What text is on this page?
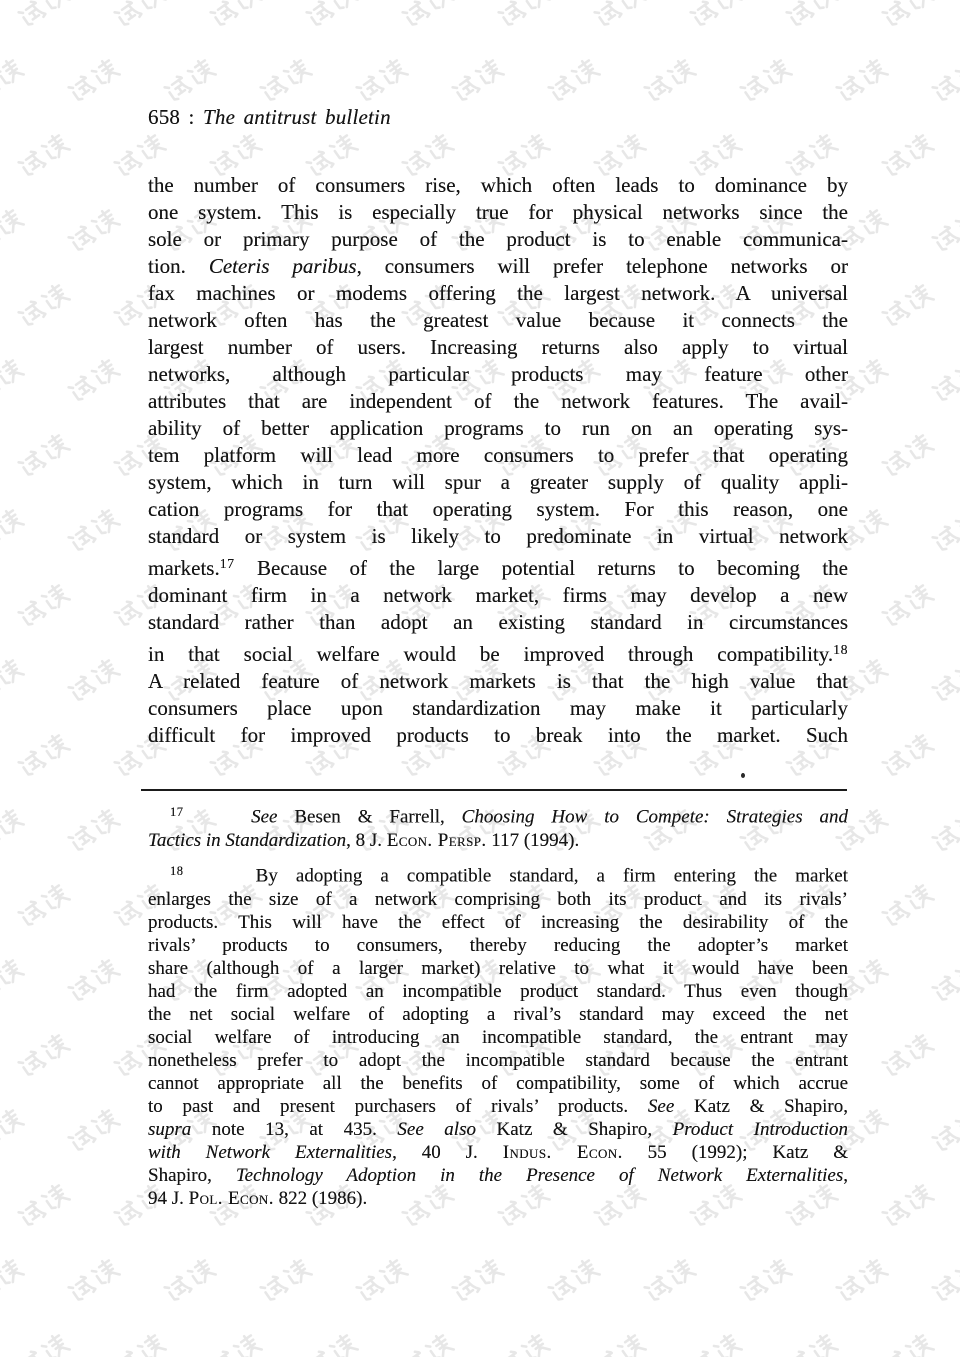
658 : The antitrust bulletin
the number of consumers rise, which often leads to dominance by
one system. This is especially true for physical networks since the
sole or primary purpose of the product is to enable communica-
tion. Ceteris paribus, consumers will prefer telephone networks or
fax machines or modems offering the largest network. A universal
network often has the greatest value because it connects the
largest number of users. Increasing returns also apply to virtual
networks, although particular products may feature other
attributes that are independent of the network features. The avail-
ability of better application programs to run on an operating sys-
tem platform will lead more consumers to prefer that operating
system, which in turn will spur a greater supply of quality appli-
cation programs for that operating system. For this reason, one
standard or system is likely to predominate in virtual network
markets.$^{17}$ Because of the large potential returns to becoming the
dominant firm in a network market, firms may develop a new
standard rather than adopt an existing standard in circumstances
in that social welfare would be improved through compatibility.$^{18}$
A related feature of network markets is that the high value that
consumers place upon standardization may make it particularly
difficult for improved products to break into the market. Such
$^{17}$	See Besen & Farrell, Choosing How to Compete: Strategies and
Tactics in Standardization, 8 J. Econ. Persp. 117 (1994).
$^{18}$    By adopting a compatible standard, a firm entering the market
enlarges the size of a network comprising both its product and its rivals’
products. This will have the effect of increasing the desirability of the
rivals’ products to consumers, thereby reducing the adopter’s market
share (although of a larger market) relative to what it would have been
had the firm adopted an incompatible product standard. Thus even though
the net social welfare of adopting a rival’s standard may exceed the net
social welfare of introducing an incompatible standard, the entrant may
nonetheless prefer to adopt the incompatible standard because the entrant
cannot appropriate all the benefits of compatibility, some of which accrue
to past and present purchasers of rivals’ products. See Katz & Shapiro,
supra note 13, at 435. See also Katz & Shapiro, Product Introduction
with Network Externalities, 40 J. Indus. Econ. 55 (1992); Katz &
Shapiro, Technology Adoption in the Presence of Network Externalities,
94 J. Pol. Econ. 822 (1986).
